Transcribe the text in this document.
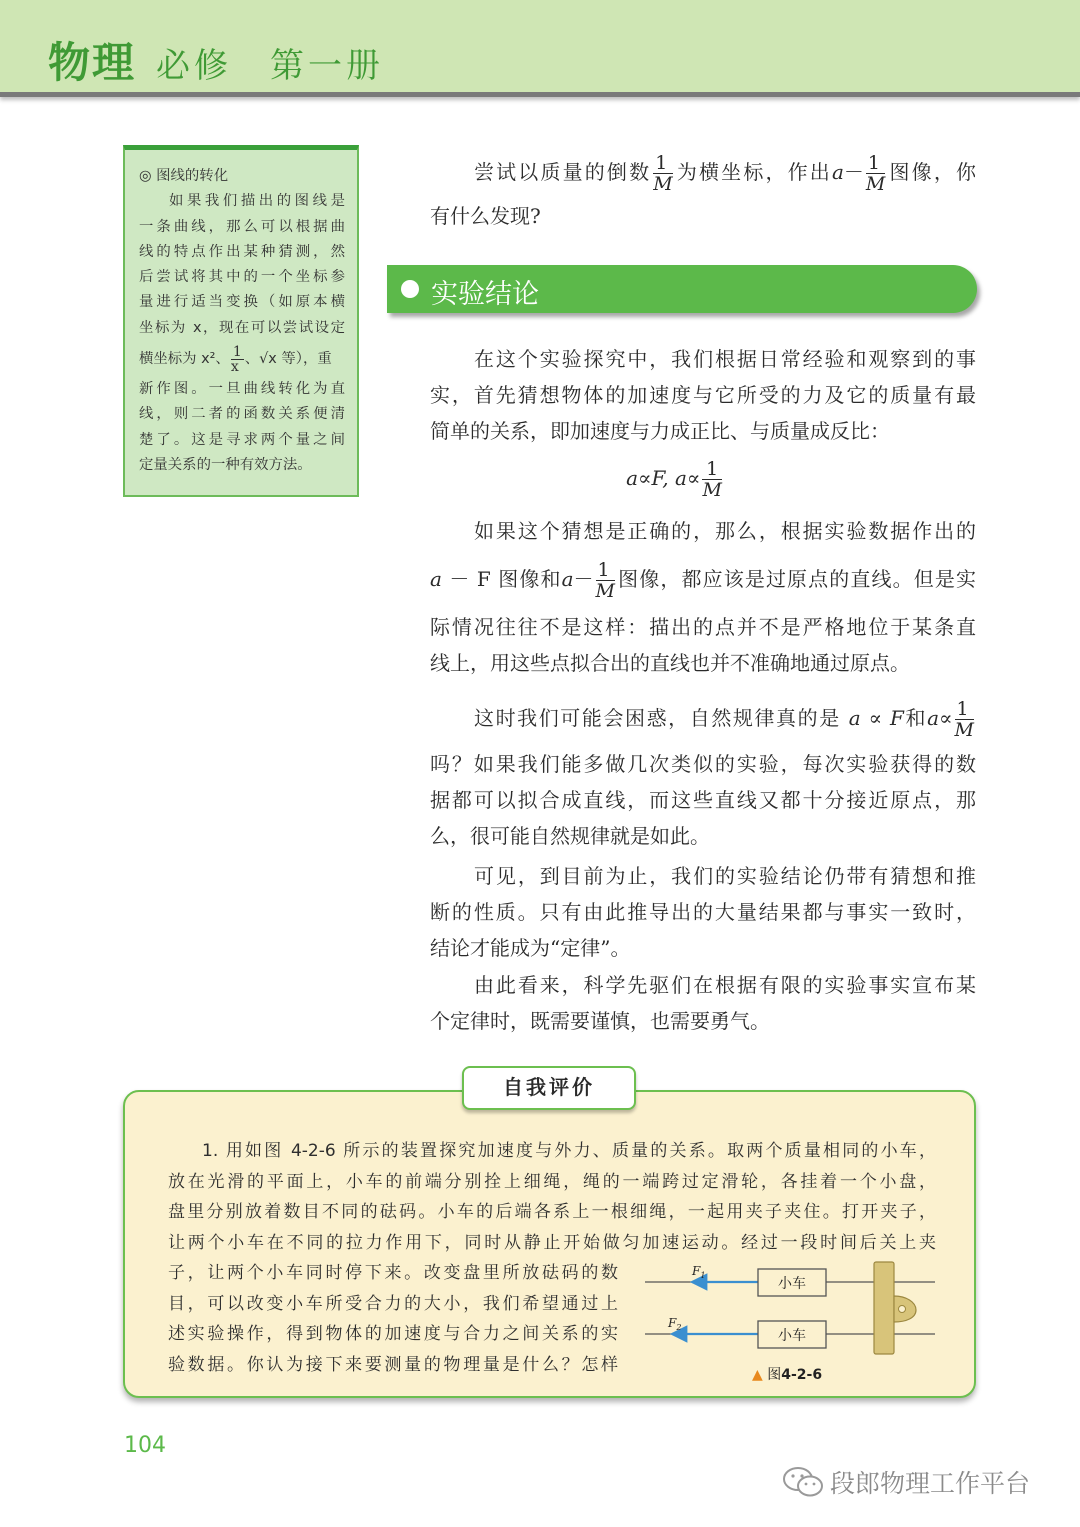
物理 必修　第一册
◎ 图线的转化
如果我们描出的图线是
一条曲线，那么可以根据曲
线的特点作出某种猜测，然
后尝试将其中的一个坐标参
量进行适当变换（如原本横
坐标为 x，现在可以尝试设定
横坐标为 x²、 $\frac{1}{x}$ 、√x 等），重
新作图。一旦曲线转化为直
线，则二者的函数关系便清
楚了。这是寻求两个量之间
定量关系的一种有效方法。
尝试以质量的倒数 $\frac{1}{M}$ 为横坐标，作出$a- \frac{1}{M}$ 图像，你
有什么发现?
实验结论
在这个实验探究中，我们根据日常经验和观察到的事
实，首先猜想物体的加速度与它所受的力及它的质量有最
简单的关系，即加速度与力成正比、与质量成反比：
a∝F, $a\propto \frac{1}{M}$
如果这个猜想是正确的，那么，根据实验数据作出的
a － F 图像和$a- \frac{1}{M}$ 图像，都应该是过原点的直线。但是实
际情况往往不是这样：描出的点并不是严格地位于某条直
线上，用这些点拟合出的直线也并不准确地通过原点。
这时我们可能会困惑，自然规律真的是 a ∝ F和$a\propto \frac{1}{M}$
吗？如果我们能多做几次类似的实验，每次实验获得的数
据都可以拟合成直线，而这些直线又都十分接近原点，那
么，很可能自然规律就是如此。
可见，到目前为止，我们的实验结论仍带有猜想和推
断的性质。只有由此推导出的大量结果都与事实一致时，
结论才能成为“定律”。
由此看来，科学先驱们在根据有限的实验事实宣布某
个定律时，既需要谨慎，也需要勇气。
自我评价
1. 用如图 4-2-6 所示的装置探究加速度与外力、质量的关系。取两个质量相同的小车，
放在光滑的平面上，小车的前端分别拴上细绳，绳的一端跨过定滑轮，各挂着一个小盘，
盘里分别放着数目不同的砝码。小车的后端各系上一根细绳，一起用夹子夹住。打开夹子，
让两个小车在不同的拉力作用下，同时从静止开始做匀加速运动。经过一段时间后关上夹
子，让两个小车同时停下来。改变盘里所放砝码的数
目，可以改变小车所受合力的大小，我们希望通过上
述实验操作，得到物体的加速度与合力之间关系的实
验数据。你认为接下来要测量的物理量是什么？怎样
小车
$F_1$
小车
$F_2$
▲ 图4-2-6
104
段郎物理工作平台
